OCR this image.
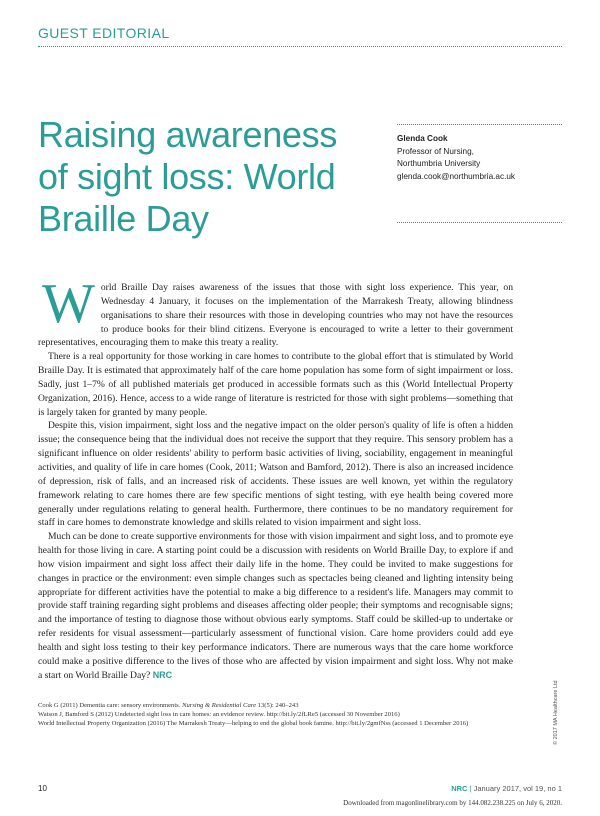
GUEST EDITORIAL
Raising awareness of sight loss: World Braille Day
Glenda Cook
Professor of Nursing,
Northumbria University
glenda.cook@northumbria.ac.uk

World Braille Day raises awareness of the issues that those with sight loss experience. This year, on Wednesday 4 January, it focuses on the implementation of the Marrakesh Treaty, allowing blindness organisations to share their resources with those in developing countries who may not have the resources to produce books for their blind citizens. Everyone is encouraged to write a letter to their government representatives, encouraging them to make this treaty a reality.

There is a real opportunity for those working in care homes to contribute to the global effort that is stimulated by World Braille Day. It is estimated that approximately half of the care home population has some form of sight impairment or loss. Sadly, just 1–7% of all published materials get produced in accessible formats such as this (World Intellectual Property Organization, 2016). Hence, access to a wide range of literature is restricted for those with sight problems—something that is largely taken for granted by many people.

Despite this, vision impairment, sight loss and the negative impact on the older person's quality of life is often a hidden issue; the consequence being that the individual does not receive the support that they require. This sensory problem has a significant influence on older residents' ability to perform basic activities of living, sociability, engagement in meaningful activities, and quality of life in care homes (Cook, 2011; Watson and Bamford, 2012). There is also an increased incidence of depression, risk of falls, and an increased risk of accidents. These issues are well known, yet within the regulatory framework relating to care homes there are few specific mentions of sight testing, with eye health being covered more generally under regulations relating to general health. Furthermore, there continues to be no mandatory requirement for staff in care homes to demonstrate knowledge and skills related to vision impairment and sight loss.

Much can be done to create supportive environments for those with vision impairment and sight loss, and to promote eye health for those living in care. A starting point could be a discussion with residents on World Braille Day, to explore if and how vision impairment and sight loss affect their daily life in the home. They could be invited to make suggestions for changes in practice or the environment: even simple changes such as spectacles being cleaned and lighting intensity being appropriate for different activities have the potential to make a big difference to a resident's life. Managers may commit to provide staff training regarding sight problems and diseases affecting older people; their symptoms and recognisable signs; and the importance of testing to diagnose those without obvious early symptoms. Staff could be skilled-up to undertake or refer residents for visual assessment—particularly assessment of functional vision. Care home providers could add eye health and sight loss testing to their key performance indicators. There are numerous ways that the care home workforce could make a positive difference to the lives of those who are affected by vision impairment and sight loss. Why not make a start on World Braille Day? NRC

Cook G (2011) Dementia care: sensory environments. Nursing & Residential Care 13(5): 240–243
Watson J, Bamford S (2012) Undetected sight loss in care homes: an evidence review. http://bit.ly/2fLRe5 (accessed 30 November 2016)
World Intellectual Property Organization (2016) The Marrakesh Treaty—helping to end the global book famine. http://bit.ly/2gmfNss (accessed 1 December 2016)	© 2017 MA Healthcare Ltd
10	NRC | January 2017, vol 19, no 1
Downloaded from magonlinelibrary.com by 144.082.238.225 on July 6, 2020.
